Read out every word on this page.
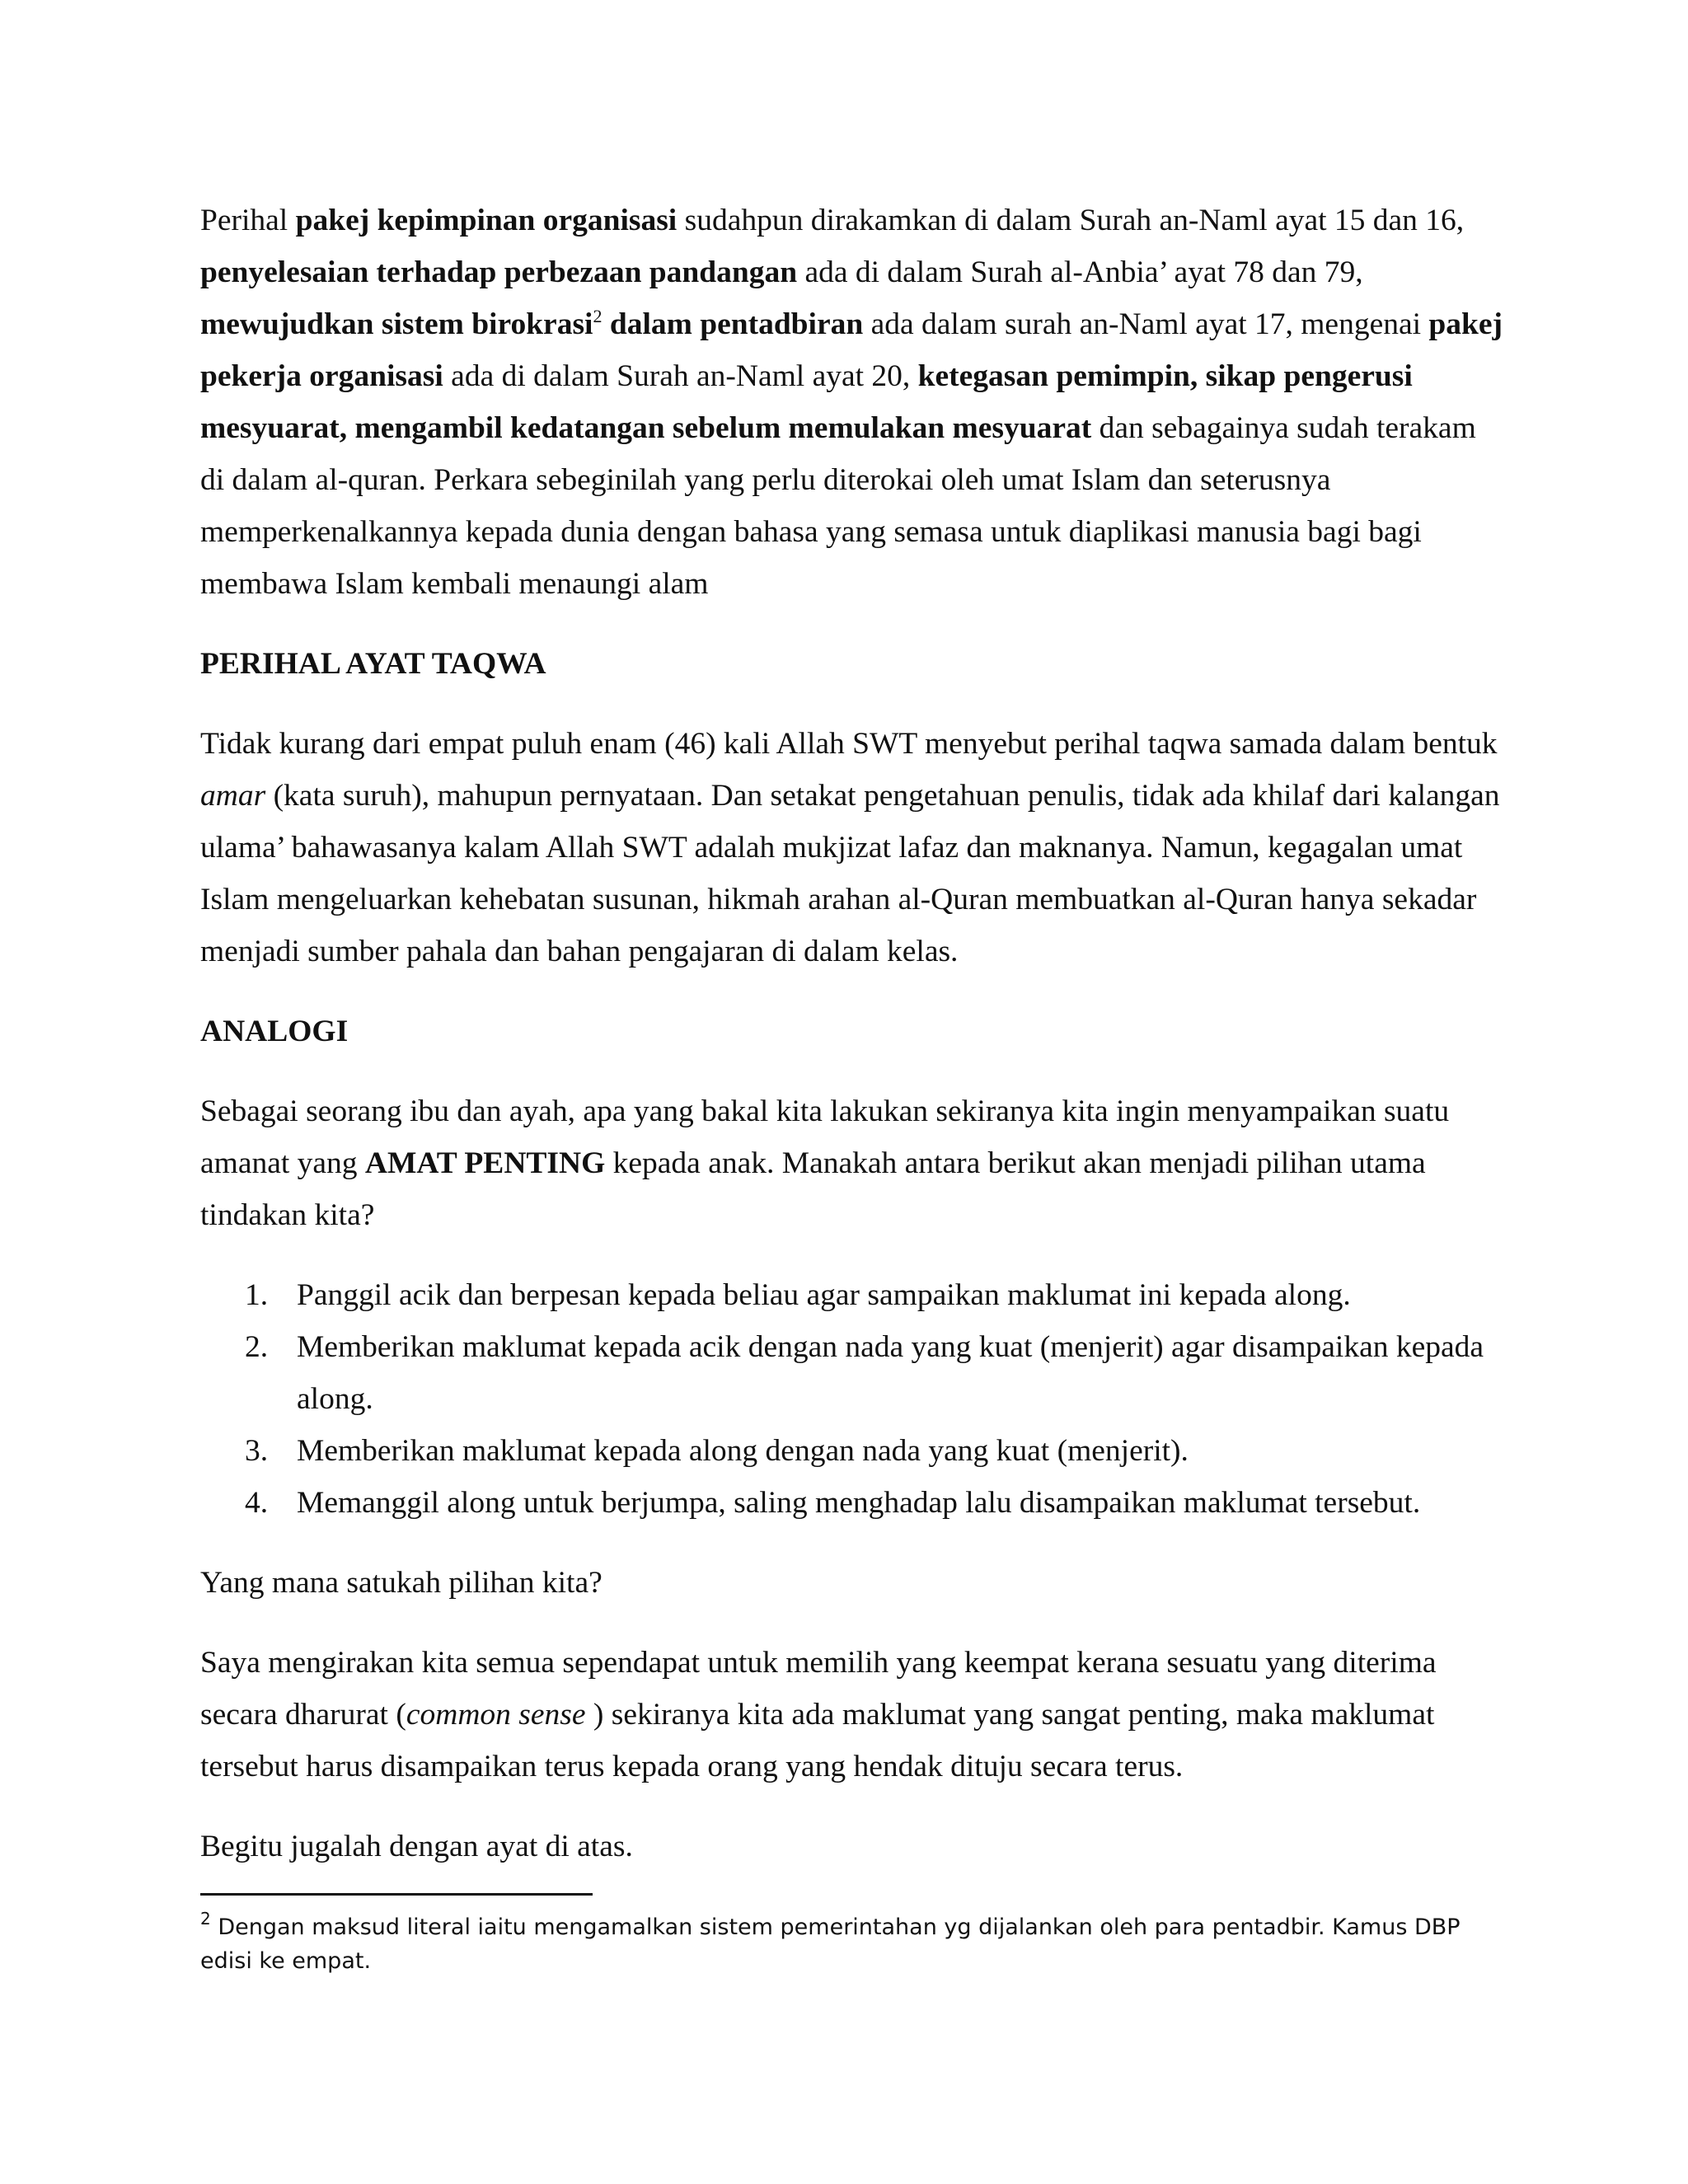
Perihal pakej kepimpinan organisasi sudahpun dirakamkan di dalam Surah an-Naml ayat 15 dan 16, penyelesaian terhadap perbezaan pandangan ada di dalam Surah al-Anbia’ ayat 78 dan 79, mewujudkan sistem birokrasi$^2$ dalam pentadbiran ada dalam surah an-Naml ayat 17, mengenai pakej pekerja organisasi ada di dalam Surah an-Naml ayat 20, ketegasan pemimpin, sikap pengerusi mesyuarat, mengambil kedatangan sebelum memulakan mesyuarat dan sebagainya sudah terakam di dalam al-quran. Perkara sebeginilah yang perlu diterokai oleh umat Islam dan seterusnya memperkenalkannya kepada dunia dengan bahasa yang semasa untuk diaplikasi manusia bagi bagi membawa Islam kembali menaungi alam

PERIHAL AYAT TAQWA

Tidak kurang dari empat puluh enam (46) kali Allah SWT menyebut perihal taqwa samada dalam bentuk amar (kata suruh), mahupun pernyataan. Dan setakat pengetahuan penulis, tidak ada khilaf dari kalangan ulama’ bahawasanya kalam Allah SWT adalah mukjizat lafaz dan maknanya. Namun, kegagalan umat Islam mengeluarkan kehebatan susunan, hikmah arahan al-Quran membuatkan al-Quran hanya sekadar menjadi sumber pahala dan bahan pengajaran di dalam kelas.

ANALOGI

Sebagai seorang ibu dan ayah, apa yang bakal kita lakukan sekiranya kita ingin menyampaikan suatu amanat yang AMAT PENTING kepada anak. Manakah antara berikut akan menjadi pilihan utama tindakan kita?

1. Panggil acik dan berpesan kepada beliau agar sampaikan maklumat ini kepada along.
2. Memberikan maklumat kepada acik dengan nada yang kuat (menjerit) agar disampaikan kepada along.
3. Memberikan maklumat kepada along dengan nada yang kuat (menjerit).
4. Memanggil along untuk berjumpa, saling menghadap lalu disampaikan maklumat tersebut.

Yang mana satukah pilihan kita?

Saya mengirakan kita semua sependapat untuk memilih yang keempat kerana sesuatu yang diterima secara dharurat (common sense ) sekiranya kita ada maklumat yang sangat penting, maka maklumat tersebut harus disampaikan terus kepada orang yang hendak dituju secara terus.

Begitu jugalah dengan ayat di atas.

$^2$ Dengan maksud literal iaitu mengamalkan sistem pemerintahan yg dijalankan oleh para pentadbir. Kamus DBP edisi ke empat.
